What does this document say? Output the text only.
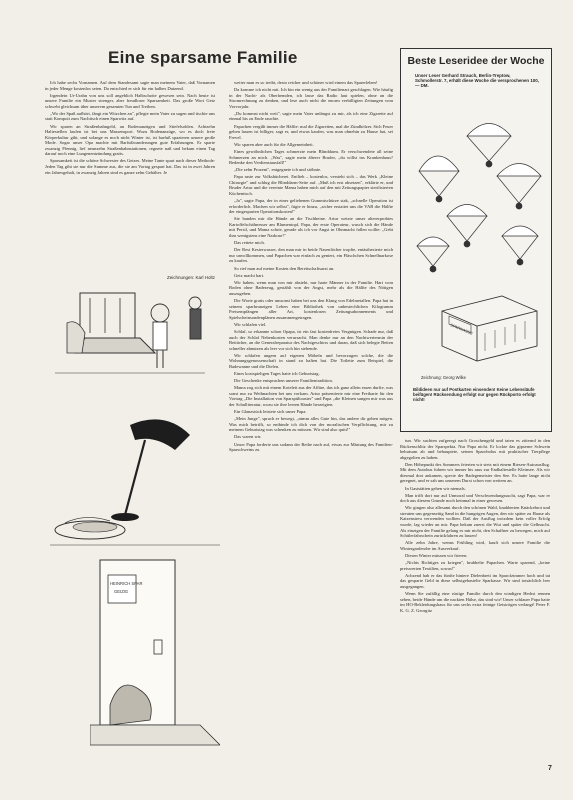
Eine sparsame Familie

Ich habe sechs Vornamen. Auf dem Standesamt sagte man meinem Vater, daß Vornamen in jeder Menge kostenlos seien. Da entschied er sich für ein halbes Dutzend.

Irgendein Ur-Urahn von uns soll angeblich Halbschotte gewesen sein. Nach heute ist unsere Familie ein Muster strenger, aber freudloser Sparsamkeit. Das große Wort Geiz schwebt gleichsam über unserem gesamten Tun und Treiben.

„Wo der Spaß aufhört, fängt ein Witzchen an", pflegte mein Vater zu sagen und tischte uns statt Kompott zum Nachtisch einen Sparwitz auf.

Wir sparen an Straßenbahngeld, an Bodenanzügen und Stiefelsohlen. Achtzehn Haltestellen laufen ist bei uns Massensport. Wozu Bodenanzüge, wo es doch freie Körperkultur gibt, und solange es noch nicht Winter ist, ist barfuß spazieren unsere große Mode. Sogar unser Opa machte mit Barfußwanderungen gute Erfahrungen. Er sparte zwanzig Pfennig, lief neunzehn Straßenbahnstationen, regnete naß und bekam einen Tag darauf noch eine Lungenentzündung gratis.

Sparsamkeit ist die schöne Schwester des Geizes. Meine Tante spart nach dieser Methode: Jeden Tag gibt sie nur die Summe aus, die sie am Vortag gespart hat. Das ist in zwei Jahren ein Jahresgehalt, in zwanzig Jahren sind es ganze zehn Gehälter. Je

Zeichnungen: Karl Holtz

weiter man es so treibt, desto reicher und schöner wird einem das Sparerleben!

Da komme ich nicht mit. Ich bin ein wenig aus der Familienart geschlagen. Wie häufig in der Nacht- als Oberhemden, ich lasse das Radio laut spielen, ohne an die Stromrechnung zu denken, und lese auch nicht die enorm verbilligten Zeitungen vom Vorvorjahr.

„Du kommst nicht weit", sagte mein Vater unlängst zu mir, als ich eine Zigarette auf einmal bis zu Ende rauchte.

Papachen vergißt immer die Hälfte: mal die Zigaretten, mal die Zündhölzer. Sich Feuer geben lassen ist billiger, sagt er, und etwas kaufen, was man ohnehin zu Hause hat, sei Frevel.

Wir sparen aber auch für die Allgemeinheit.

Eines gewöhnlichen Tages schmerzte mein Blinddarm. Er verschwendete all seine Schmerzen an mich. „Was", sagte mein älterer Bruder, „du willst ins Krankenhaus? Bedenke den Verdienstausfall!"

„Die zehn Prozent", entgegnete ich und stöhnte.

Papa raste zur Volksbücherei. Entlieh – kostenlos, versteht sich – das Werk „Kleine Chirurgie" und schlug die Blinddarm-Seite auf. „Muß ich erst absetzen", erklärte er, und Bruder Artur und die vereinte Mama haben mich auf den mit Zeitungspapier sterilisierten Küchentisch.

„Ja", sagte Papa, der in einer geliehenen Gummischürze stak, „schnelle Operation ist erforderlich. Machen wir selbst", fügte er hinzu, „sicher erstattet uns die VAB die Hälfte der eingesparten Operationskosten!"

Sie banden mir die Hände an die Tischbeine. Artur wetzte unser altererprobtes Kartoffelschälmesser am Blumentopf, Papa, der erste Operateur, wusch sich die Hände mit Persil, und Mama schrie, gerade als ich vor Angst in Ohnmacht fallen wollte: „Gebt ihm wenigstens eine Narkose!"

Das rettete mich.

Der Rest Kesierwasser, den man mir in beide Nasenlöcher tropfte, entästhesierte mich nur unvollkommen, und Papachen war einfach zu geniert, ein Fläschchen Schnellnarkose zu kaufen.

So rief man auf meine Kosten den Bereitschaftsarzt an.

Geiz macht hart.

Wir haben, wenn man von mir absieht, nur harte Männer in der Familie. Hart vom Boden ohne Badezeug, gestählt von der Angst, mehr als die Hälfte des Nötigen auszugeben.

Die Worte gratis oder umsonst haben bei uns den Klang von Edelmetallen. Papa hat in seinem sparbrunzigen Leben eine Bibliothek von unbestechlichen Kilogramm Preisempfängen aller Art, kostenlosen Zeitungsabonnements und Spielscheinsondenplänen zusammengetragen.

Wir schlafen viel.

Schlaf, so erkannte schon Opapa, ist ein fast kostenfreies Vergnügen. Schade nur, daß auch der Schlaf Nebenkosten verursacht. Man denke nur an den Nachtwertermin der Bettücher, an die Generalreparatur des Nachtgeschirrs und daran, daß sich belegte Betten schneller abnutzen als leer vor sich hin stehende.

Wir schlafen ungern auf eigenen Möbeln und bevorzugen solche, die die Wohnungsgenossenschaft in stand zu halten hat. Die Toilette zum Beispiel, die Badewanne und die Dielen.

Eines kostspieligen Tages hatte ich Geburtstag.

Die Geschenke entsprachen unserer Familientradition.

Mama zog sich mit einem Kotelett aus der Affäre, das ich ganz allein essen durfte, was sonst nur zu Weihnachten bei uns vorkam. Artur präsentierte mir eine Freikarte für den Vortrag „Die Installation von Sparspültoaster" und Papa „die Kleinen sangen mir was aus der Schulliteratur, wozu sie ihre leeren Hände herzeigten.

Ein Glanzstück leistete sich unser Papa.

„Mein Junge", sprach er bewegt, „nimm alles Gute hin, das andere dir geben mögen. Was mich betrifft, so entbinde ich dich von der moralischen Verpflichtung, mir zu meinem Geburtstag was schenken zu müssen. Wir sind also quitt!"

Das waren wir.

Unser Papa forderte uns sodann der Reihe nach auf, etwas zur Mästung des Familien-Sparschweins zu

tun. Wir suchten zufgeregt nach Groschengeld und taten es zitternd in den Rückenschlitz der Sparspekta. Nur Papa nicht. Er lockte das gipserne Schwein behutsam ab und behauptete, seinen Sparobolus mit praktischer Tierpflege abgegolten zu haben.

Den Höhepunkt des Sommers feierten wir stets mit einem Riesen-Autoausflug. Mit dem Autobus fuhren wir immer bis raus zur Endhaltestelle Kleinsee. Als wir diesmal dort ankamen, specte der Badegemeister den See. Es hatte lange nicht geregnet, und er sah uns unserem Durst schon von weitem an.

In Gaststätten gehen wir niemals.

Man trifft dort nur auf Unmoral und Verschwendungssucht, sagt Papa, war er doch aus diesem Grunde noch keinmal in einer gewesen.

Wir gingen also allesamt durch den schönen Wald, knabberten Knäckebrot und streuten uns gegenseitig Sand in die hungrigen Augen, den wir später zu Hause als Katzenstreu verwenden wollten. Daß der Ausflug trotzdem kein voller Erfolg wurde, lag wieder an mir. Papa bekam zuerst die Wut und später die Gelbsucht. Als einzigen der Familie gelang es mir nicht, den Schaffner zu bewegen, mich auf Schülerfahrschein zurückfahren zu lassen!

Alle zehn Jahre, wenns Frühling wird, kauft sich unsere Familie die Wintergarderobe im Ausverkauf.

Diesen Winter müssen wir frieren.

„Nichts Richtiges zu kriegen", brubbelte Papachen. Warte sparend, „keine preiswerten Textilien, sowas!"

Achzend hab er das fünfte hintere Dielenbrett im Sparofzimmer hoch und tat das gesparte Geld in diese selbstgebastelte Sparkasse. Wir sind totsächlich leer ausgegangen.

Wenn Sie zufällig eine rüstige Familie durch den windigen Herbst rennen sehen, beide Hände um die nackten Hälse, das sind wir! Unser schlauer Papa hatte im HO-Bekleidungshaus für uns sechs extra feinige Geiströgen verlangt! Peter F. K. G. Z. Georgitz

HEINRICH SPAR
GEIZIG
Beste Leseridee der Woche
Unser Leser Gerhard Strauch, Berlin-Treptow, Schmollerstr. 7, erhält diese Woche die versprochenen 100,— DM.
SPARKASSE
Zeichnung: Georg Wilke
Bildideen nur auf Postkarten einsenden! Keine Lebensläufe beifügen! Rücksendung erfolgt nur gegen Rückporto erfolgt nicht!
7
